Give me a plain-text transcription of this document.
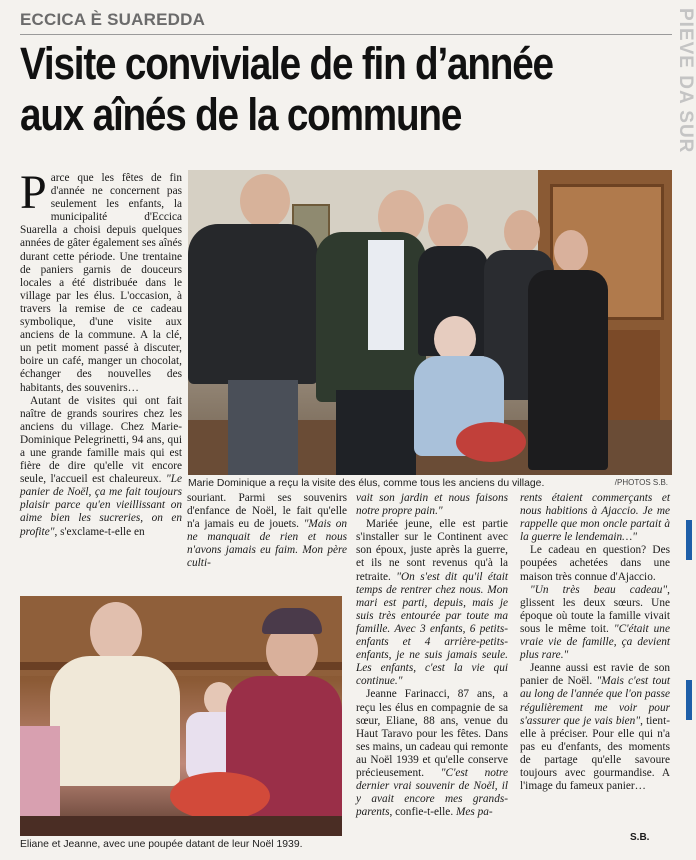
ECCICA È SUAREDDA
Visite conviviale de fin d’année
aux aînés de la commune	PIEVE DA SUR

Parce que les fêtes de fin d'année ne concernent pas seulement les enfants, la municipalité d'Eccica Suarella a choisi depuis quelques années de gâter également ses aînés durant cette période. Une trentaine de paniers garnis de douceurs locales a été distribuée dans le village par les élus. L'occasion, à travers la remise de ce cadeau symbolique, d'une visite aux anciens de la commune. A la clé, un petit moment passé à discuter, boire un café, manger un chocolat, échanger des nouvelles des habitants, des souvenirs…

Autant de visites qui ont fait naître de grands sourires chez les anciens du village. Chez Marie-Dominique Pelegrinetti, 94 ans, qui a une grande famille mais qui est fière de dire qu'elle vit encore seule, l'accueil est chaleureux. "Le panier de Noël, ça me fait toujours plaisir parce qu'en vieillissant on aime bien les sucreries, on en profite", s'exclame-t-elle en

Marie Dominique a reçu la visite des élus, comme tous les anciens du village.	/PHOTOS S.B.
Eliane et Jeanne, avec une poupée datant de leur Noël 1939.

souriant. Parmi ses souvenirs d'enfance de Noël, le fait qu'elle n'a jamais eu de jouets. "Mais on ne manquait de rien et nous n'avons jamais eu faim. Mon père culti-

vait son jardin et nous faisons notre propre pain."

Mariée jeune, elle est partie s'installer sur le Continent avec son époux, juste après la guerre, et ils ne sont revenus qu'à la retraite. "On s'est dit qu'il était temps de rentrer chez nous. Mon mari est parti, depuis, mais je suis très entourée par toute ma famille. Avec 3 enfants, 6 petits-enfants et 4 arrière-petits-enfants, je ne suis jamais seule. Les enfants, c'est la vie qui continue."

Jeanne Farinacci, 87 ans, a reçu les élus en compagnie de sa sœur, Eliane, 88 ans, venue du Haut Taravo pour les fêtes. Dans ses mains, un cadeau qui remonte au Noël 1939 et qu'elle conserve précieusement. "C'est notre dernier vrai souvenir de Noël, il y avait encore mes grands-parents, confie-t-elle. Mes pa-

rents étaient commerçants et nous habitions à Ajaccio. Je me rappelle que mon oncle partait à la guerre le lendemain…"

Le cadeau en question? Des poupées achetées dans une maison très connue d'Ajaccio.

"Un très beau cadeau", glissent les deux sœurs. Une époque où toute la famille vivait sous le même toit. "C'était une vraie vie de famille, ça devient plus rare."

Jeanne aussi est ravie de son panier de Noël. "Mais c'est tout au long de l'année que l'on passe régulièrement me voir pour s'assurer que je vais bien", tient-elle à préciser. Pour elle qui n'a pas eu d'enfants, des moments de partage qu'elle savoure toujours avec gourmandise. A l'image du fameux panier…

S.B.
